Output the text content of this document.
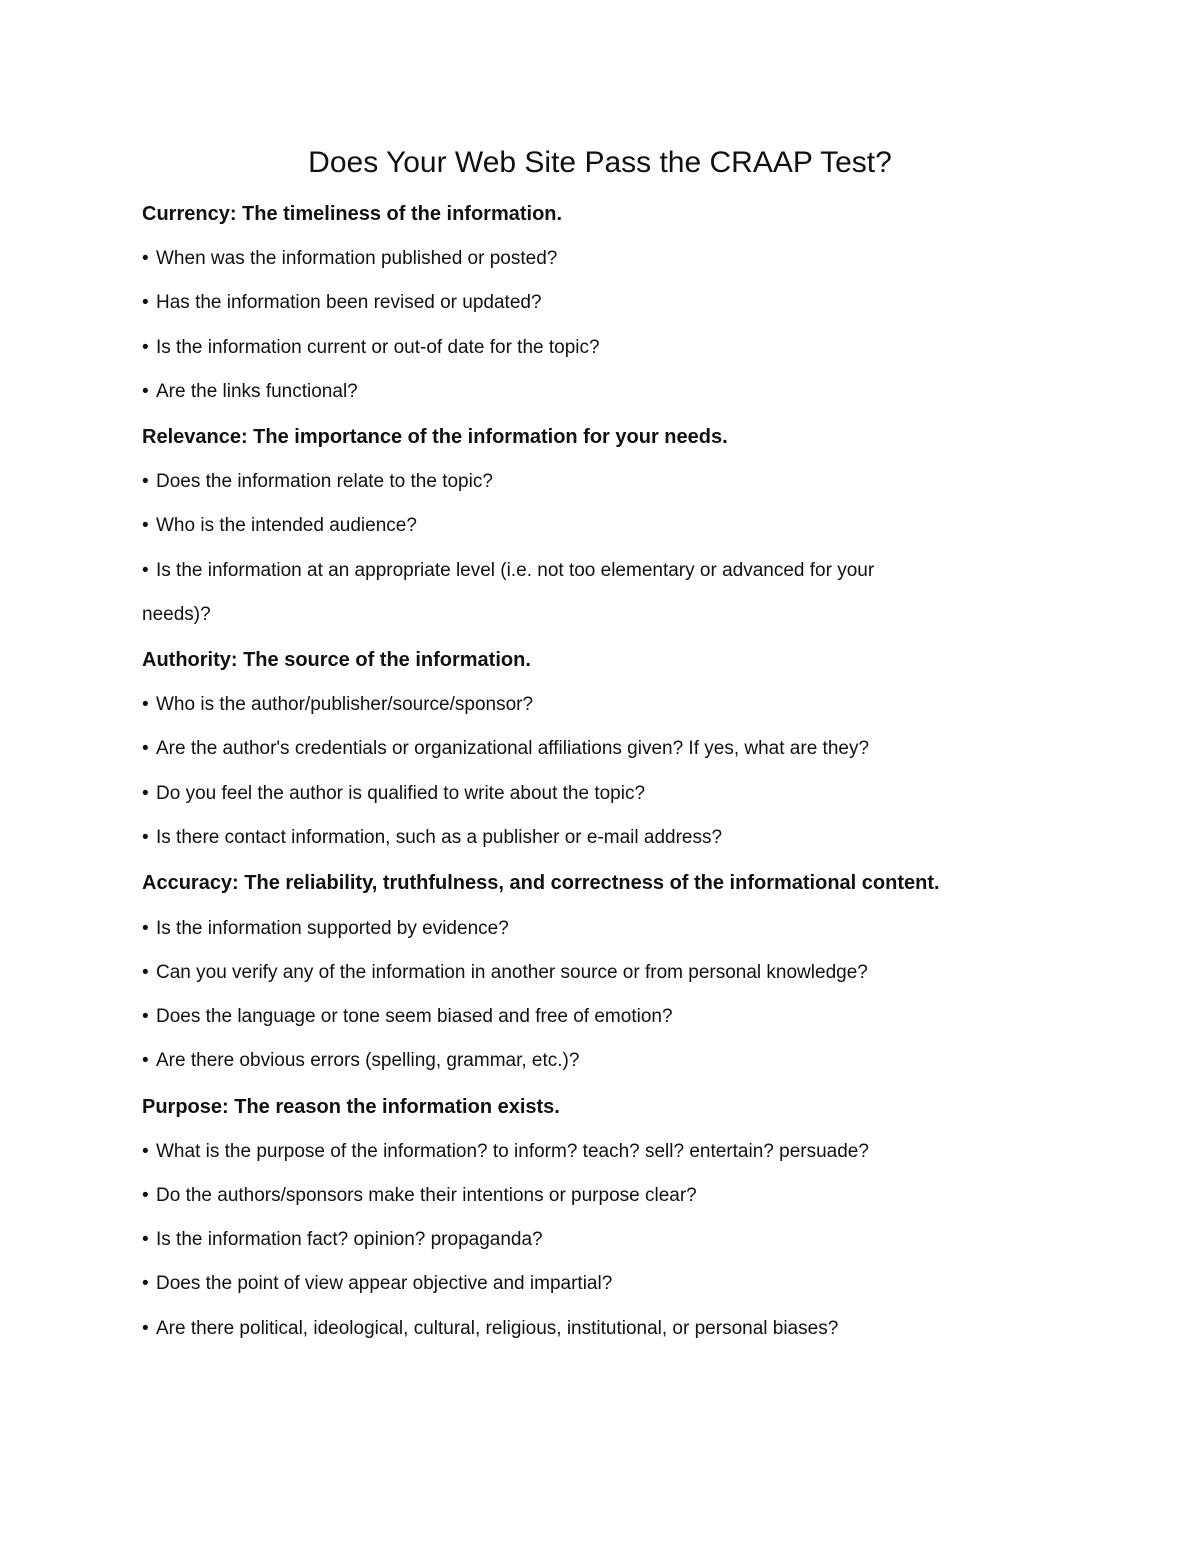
Does Your Web Site Pass the CRAAP Test?

Currency: The timeliness of the information.

• When was the information published or posted?

• Has the information been revised or updated?

• Is the information current or out-of date for the topic?

• Are the links functional?

Relevance: The importance of the information for your needs.

• Does the information relate to the topic?

• Who is the intended audience?

• Is the information at an appropriate level (i.e. not too elementary or advanced for your

needs)?

Authority: The source of the information.

• Who is the author/publisher/source/sponsor?

• Are the author's credentials or organizational affiliations given? If yes, what are they?

• Do you feel the author is qualified to write about the topic?

• Is there contact information, such as a publisher or e-mail address?

Accuracy: The reliability, truthfulness, and correctness of the informational content.

• Is the information supported by evidence?

• Can you verify any of the information in another source or from personal knowledge?

• Does the language or tone seem biased and free of emotion?

• Are there obvious errors (spelling, grammar, etc.)?

Purpose: The reason the information exists.

• What is the purpose of the information? to inform? teach? sell? entertain? persuade?

• Do the authors/sponsors make their intentions or purpose clear?

• Is the information fact? opinion? propaganda?

• Does the point of view appear objective and impartial?

• Are there political, ideological, cultural, religious, institutional, or personal biases?
